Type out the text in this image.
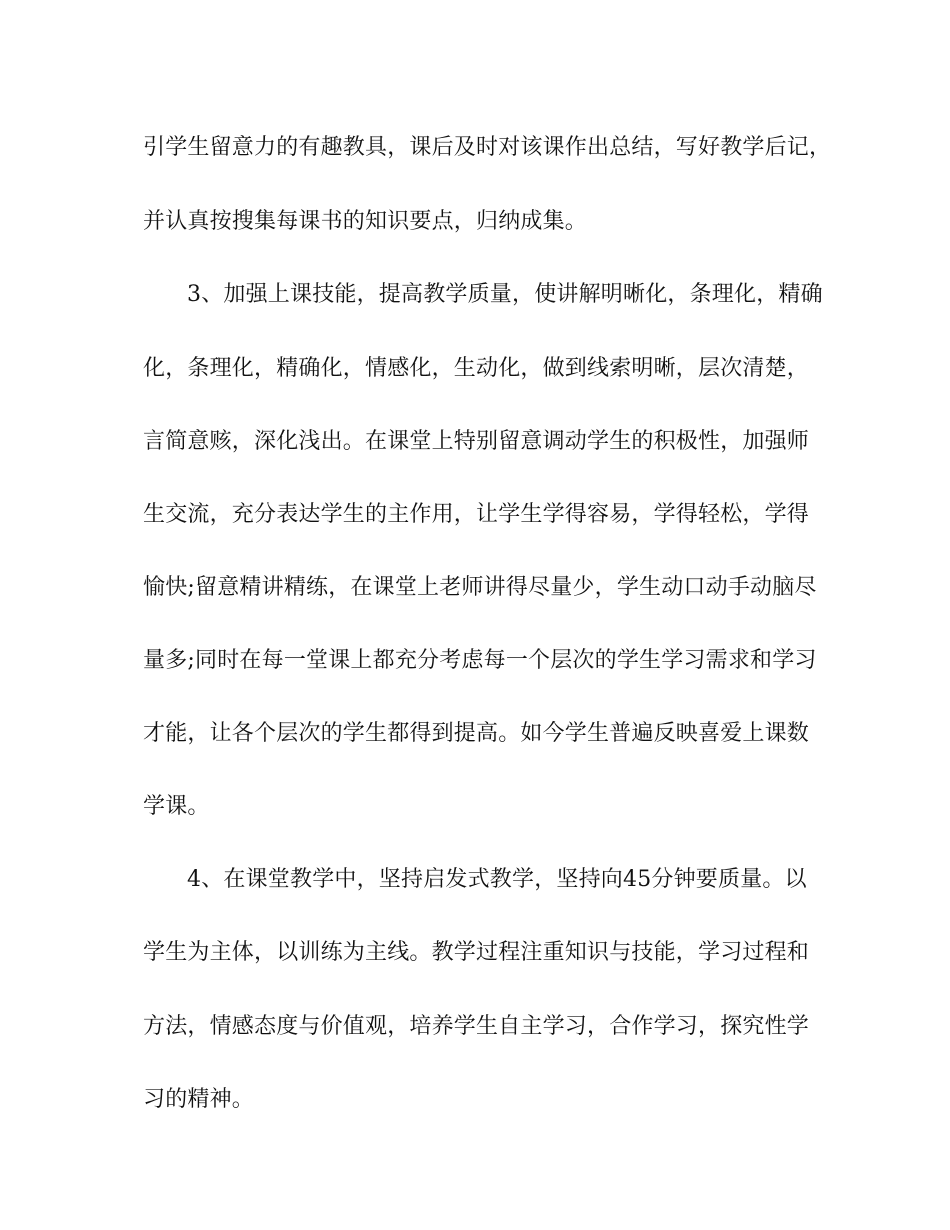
引学生留意力的有趣教具，课后及时对该课作出总结，写好教学后记，
并认真按搜集每课书的知识要点，归纳成集。
3、加强上课技能，提高教学质量，使讲解明晰化，条理化，精确
化，条理化，精确化，情感化，生动化，做到线索明晰，层次清楚，
言简意赅，深化浅出。在课堂上特别留意调动学生的积极性，加强师
生交流，充分表达学生的主作用，让学生学得容易，学得轻松，学得
愉快;留意精讲精练，在课堂上老师讲得尽量少，学生动口动手动脑尽
量多;同时在每一堂课上都充分考虑每一个层次的学生学习需求和学习
才能，让各个层次的学生都得到提高。如今学生普遍反映喜爱上课数
学课。
4、在课堂教学中，坚持启发式教学，坚持向45分钟要质量。以
学生为主体，以训练为主线。教学过程注重知识与技能，学习过程和
方法，情感态度与价值观，培养学生自主学习，合作学习，探究性学
习的精神。
